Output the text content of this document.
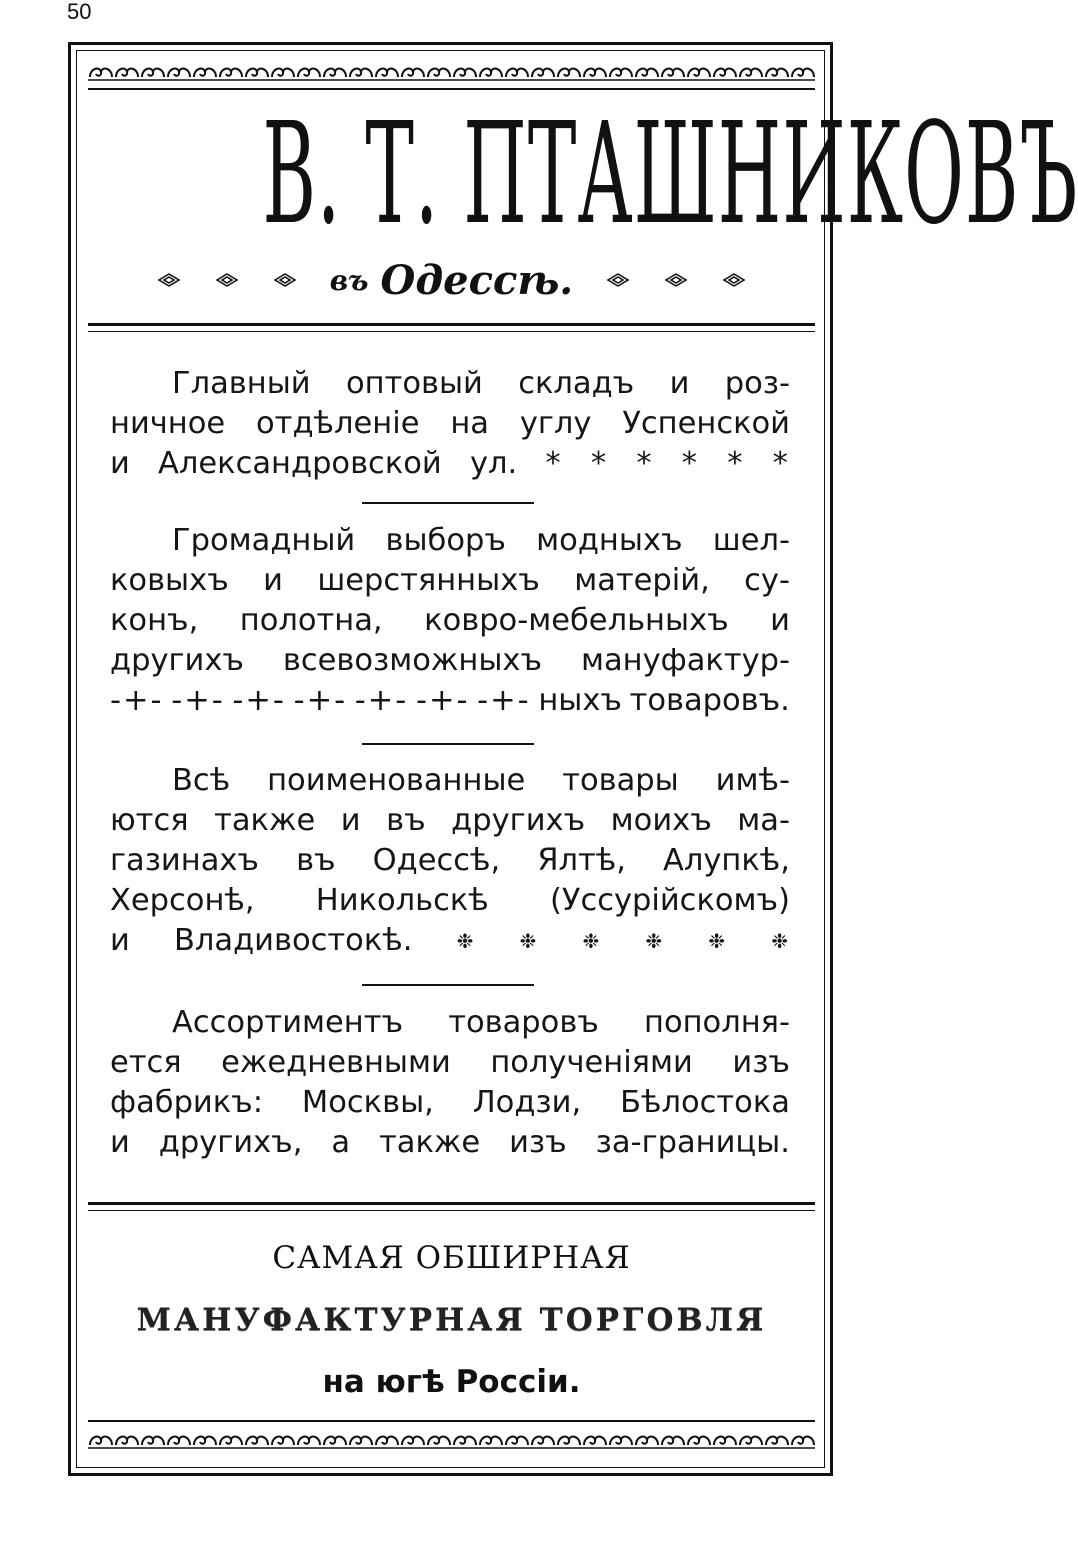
50
В. Т. ПТАШНИКОВЪ
въ Одессѣ.
Главный оптовый складъ и роз-
ничное отдѣленіе на углу Успенской
и Александровской ул. * * * * * *
Громадный выборъ модныхъ шел-
ковыхъ и шерстянныхъ матерій, су-
конъ, полотна, ковро-мебельныхъ и
другихъ всевозможныхъ мануфактур-
-+- -+- -+- -+- -+- -+- -+- ныхъ товаровъ.
Всѣ поименованные товары имѣ-
ются также и въ другихъ моихъ ма-
газинахъ въ Одессѣ, Ялтѣ, Алупкѣ,
Херсонѣ, Никольскѣ (Уссурійскомъ)
и Владивостокѣ. ❉ ❉ ❉ ❉ ❉ ❉
Ассортиментъ товаровъ пополня-
ется ежедневными полученіями изъ
фабрикъ: Москвы, Лодзи, Бѣлостока
и другихъ, а также изъ за-границы.
САМАЯ ОБШИРНАЯ
МАНУФАКТУРНАЯ ТОРГОВЛЯ
на югѣ Россіи.
